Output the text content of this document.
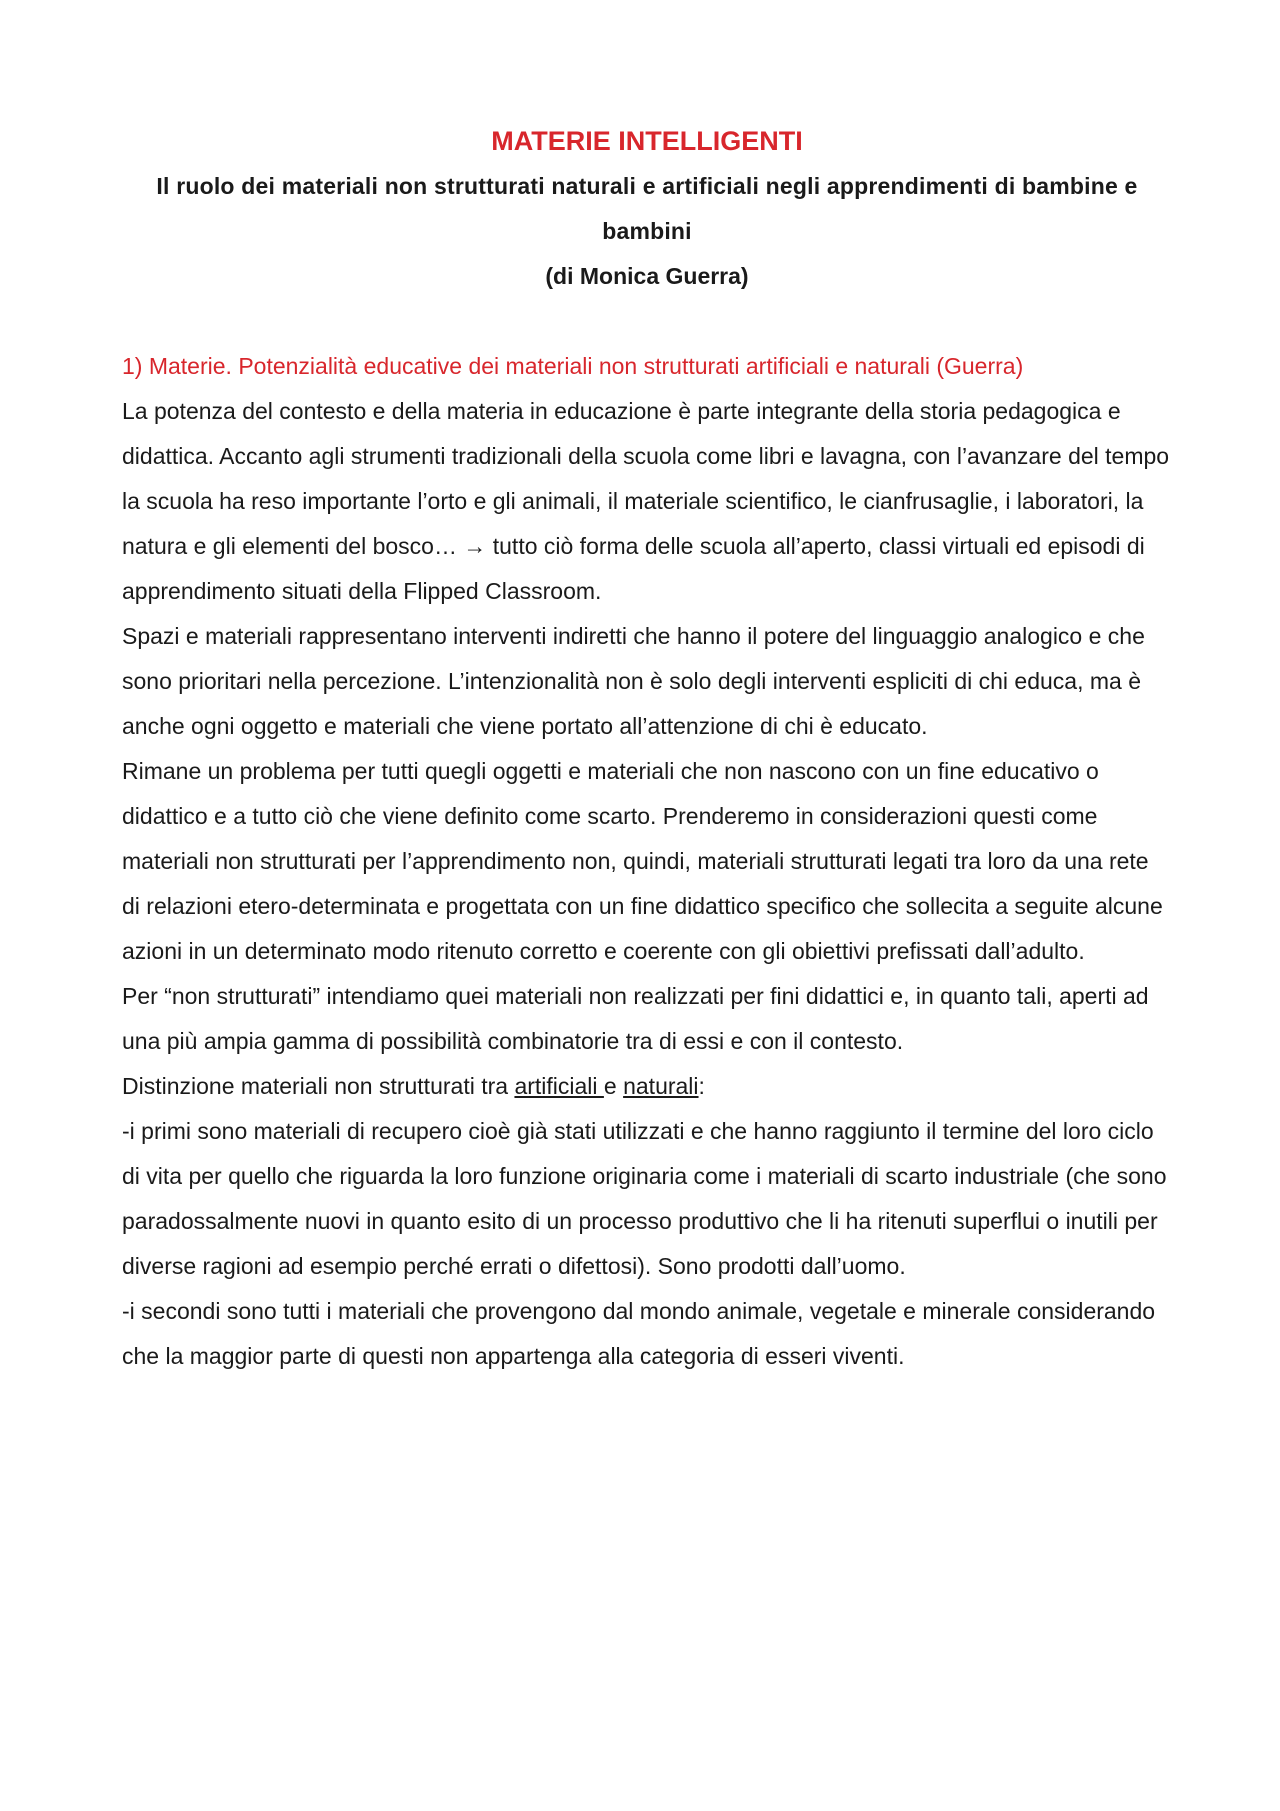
MATERIE INTELLIGENTI

Il ruolo dei materiali non strutturati naturali e artificiali negli apprendimenti di bambine e bambini

(di Monica Guerra)

1) Materie. Potenzialità educative dei materiali non strutturati artificiali e naturali (Guerra)

La potenza del contesto e della materia in educazione è parte integrante della storia pedagogica e didattica. Accanto agli strumenti tradizionali della scuola come libri e lavagna, con l’avanzare del tempo la scuola ha reso importante l’orto e gli animali, il materiale scientifico, le cianfrusaglie, i laboratori, la natura e gli elementi del bosco… → tutto ciò forma delle scuola all’aperto, classi virtuali ed episodi di apprendimento situati della Flipped Classroom.

Spazi e materiali rappresentano interventi indiretti che hanno il potere del linguaggio analogico e che sono prioritari nella percezione. L’intenzionalità non è solo degli interventi espliciti di chi educa, ma è anche ogni oggetto e materiali che viene portato all’attenzione di chi è educato.

Rimane un problema per tutti quegli oggetti e materiali che non nascono con un fine educativo o didattico e a tutto ciò che viene definito come scarto. Prenderemo in considerazioni questi come materiali non strutturati per l’apprendimento non, quindi, materiali strutturati legati tra loro da una rete di relazioni etero-determinata e progettata con un fine didattico specifico che sollecita a seguite alcune azioni in un determinato modo ritenuto corretto e coerente con gli obiettivi prefissati dall’adulto.

Per “non strutturati” intendiamo quei materiali non realizzati per fini didattici e, in quanto tali, aperti ad una più ampia gamma di possibilità combinatorie tra di essi e con il contesto.

Distinzione materiali non strutturati tra artificiali e naturali:

-i primi sono materiali di recupero cioè già stati utilizzati e che hanno raggiunto il termine del loro ciclo di vita per quello che riguarda la loro funzione originaria come i materiali di scarto industriale (che sono paradossalmente nuovi in quanto esito di un processo produttivo che li ha ritenuti superflui o inutili per diverse ragioni ad esempio perché errati o difettosi). Sono prodotti dall’uomo.

-i secondi sono tutti i materiali che provengono dal mondo animale, vegetale e minerale considerando che la maggior parte di questi non appartenga alla categoria di esseri viventi.
